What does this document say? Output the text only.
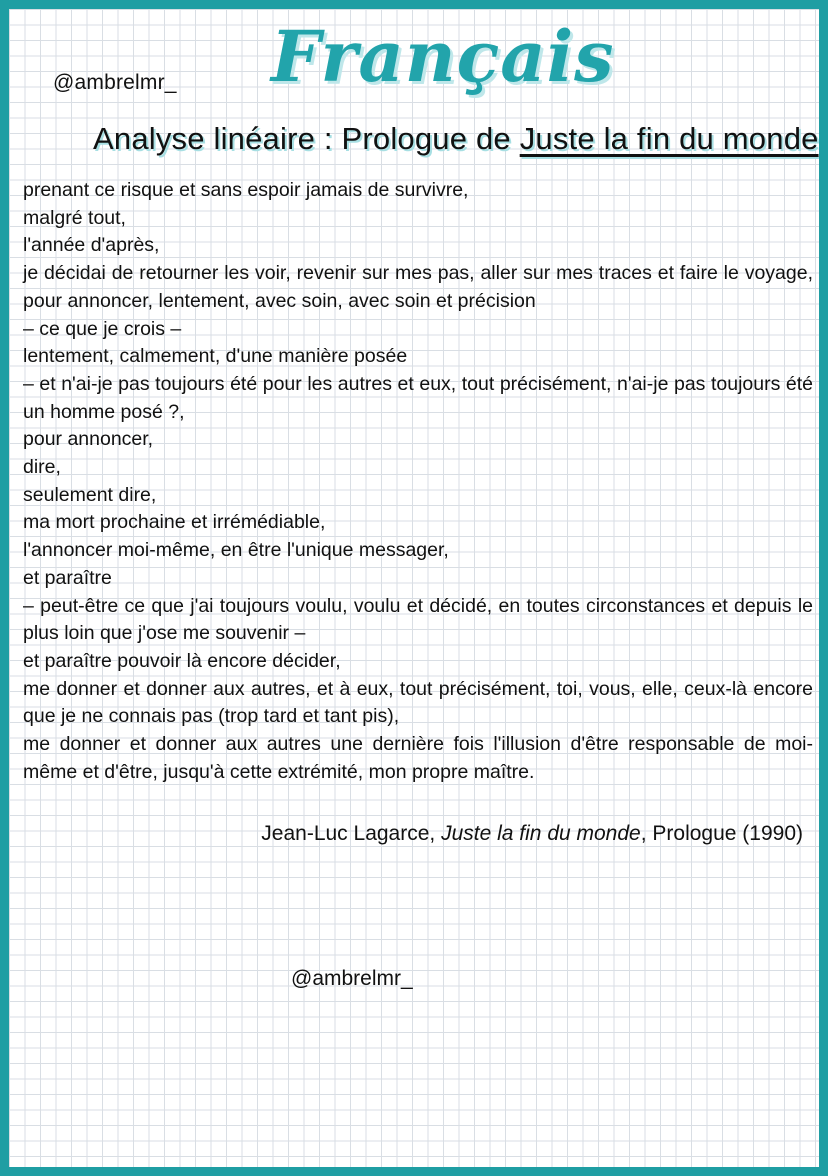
@ambrelmr_ Français
Analyse linéaire : Prologue de Juste la fin du monde

prenant ce risque et sans espoir jamais de survivre,

malgré tout,

l'année d'après,

je décidai de retourner les voir, revenir sur mes pas, aller sur mes traces et faire le voyage, pour annoncer, lentement, avec soin, avec soin et précision

– ce que je crois –

lentement, calmement, d'une manière posée

– et n'ai-je pas toujours été pour les autres et eux, tout précisément, n'ai-je pas toujours été un homme posé ?,

pour annoncer,

dire,

seulement dire,

ma mort prochaine et irrémédiable,

l'annoncer moi-même, en être l'unique messager,

et paraître

– peut-être ce que j'ai toujours voulu, voulu et décidé, en toutes circonstances et depuis le plus loin que j'ose me souvenir –

et paraître pouvoir là encore décider,

me donner et donner aux autres, et à eux, tout précisément, toi, vous, elle, ceux-là encore que je ne connais pas (trop tard et tant pis),

me donner et donner aux autres une dernière fois l'illusion d'être responsable de moi-même et d'être, jusqu'à cette extrémité, mon propre maître.

Jean-Luc Lagarce, Juste la fin du monde, Prologue (1990)
@ambrelmr_
